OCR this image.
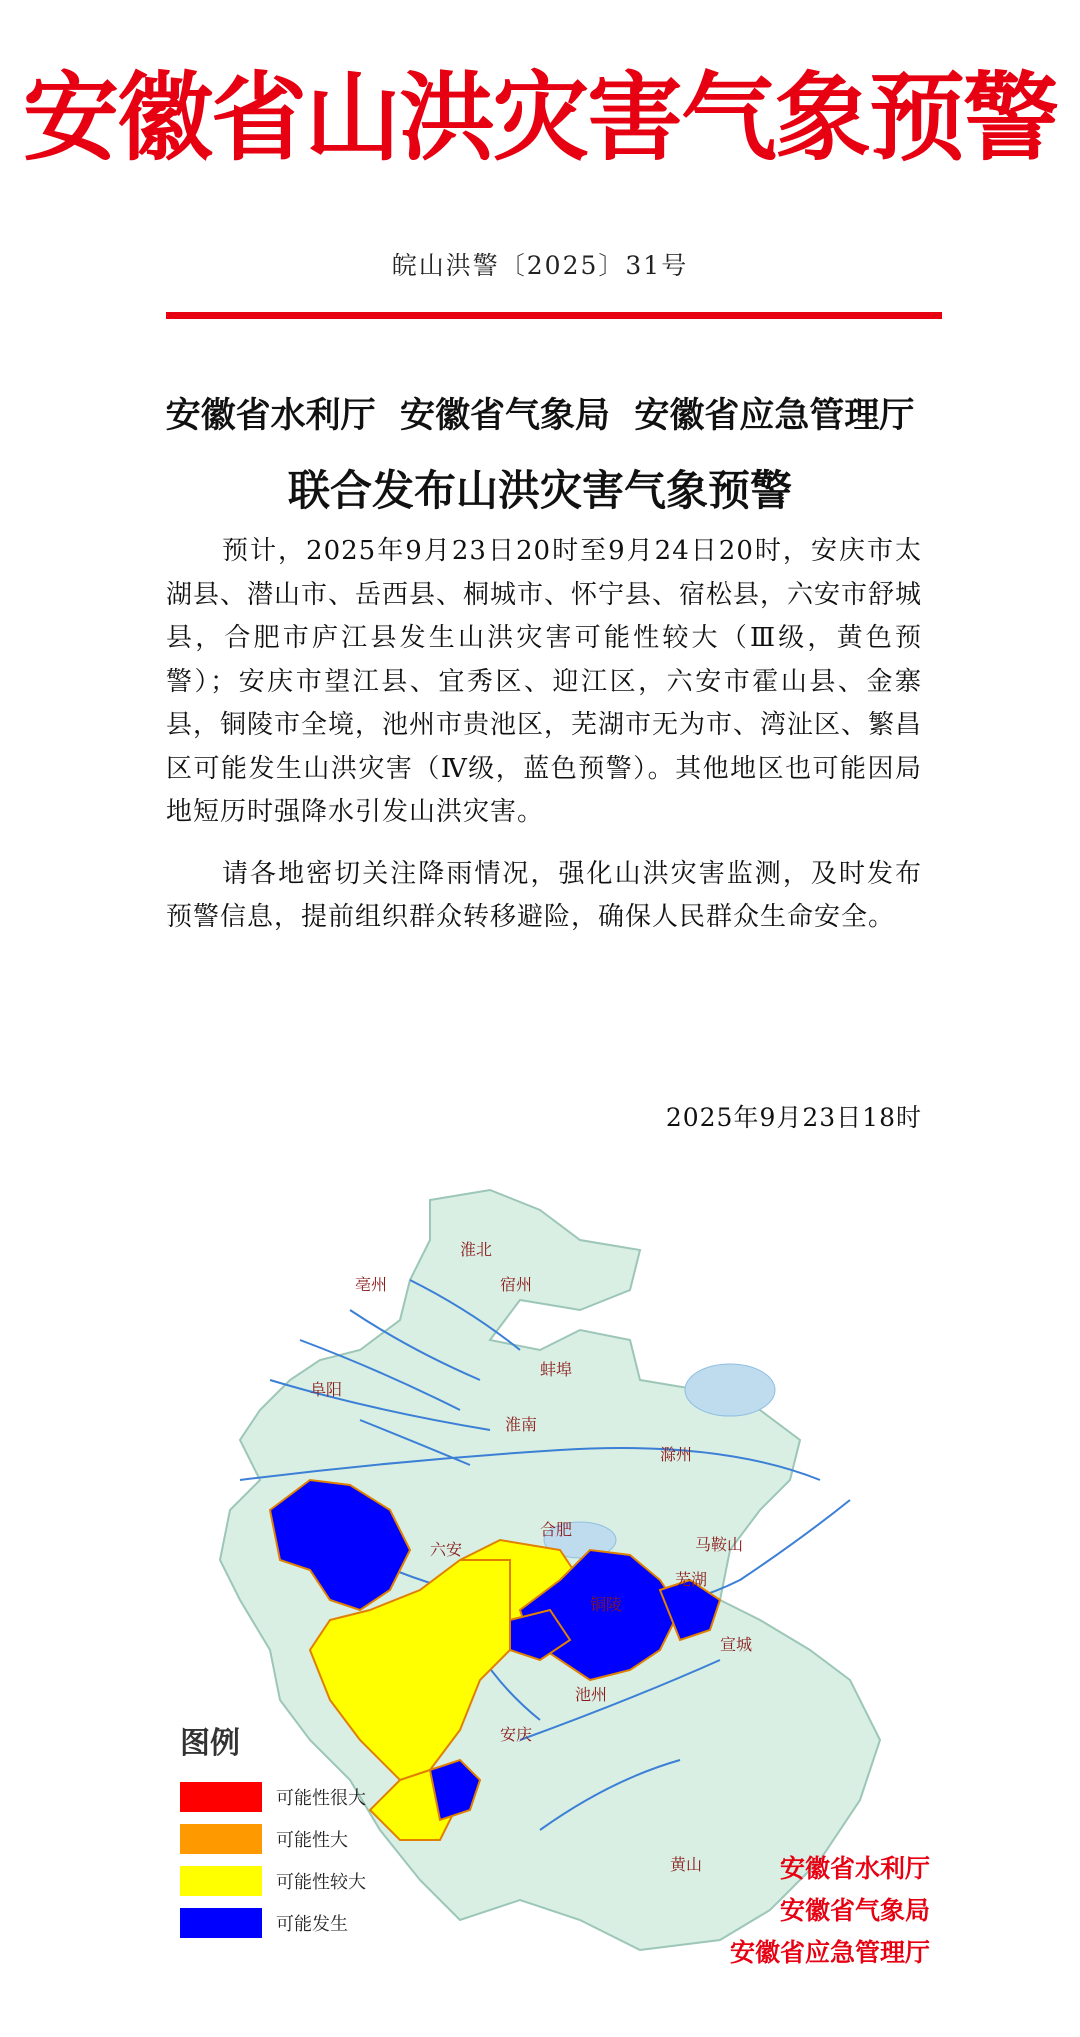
安徽省山洪灾害气象预警
皖山洪警〔2025〕31号
安徽省水利厅  安徽省气象局  安徽省应急管理厅
联合发布山洪灾害气象预警

预计，2025年9月23日20时至9月24日20时，安庆市太湖县、潜山市、岳西县、桐城市、怀宁县、宿松县，六安市舒城县，合肥市庐江县发生山洪灾害可能性较大（Ⅲ级，黄色预警）；安庆市望江县、宜秀区、迎江区，六安市霍山县、金寨县，铜陵市全境，池州市贵池区，芜湖市无为市、湾沚区、繁昌区可能发生山洪灾害（Ⅳ级，蓝色预警）。其他地区也可能因局地短历时强降水引发山洪灾害。

请各地密切关注降雨情况，强化山洪灾害监测，及时发布预警信息，提前组织群众转移避险，确保人民群众生命安全。

2025年9月23日18时
亳州
淮北
宿州
阜阳
蚌埠
淮南
滁州
六安
合肥
马鞍山
芜湖
安庆
宣城
铜陵
池州
黄山
图例
可能性很大
可能性大
可能性较大
可能发生
安徽省水利厅
安徽省气象局
安徽省应急管理厅
